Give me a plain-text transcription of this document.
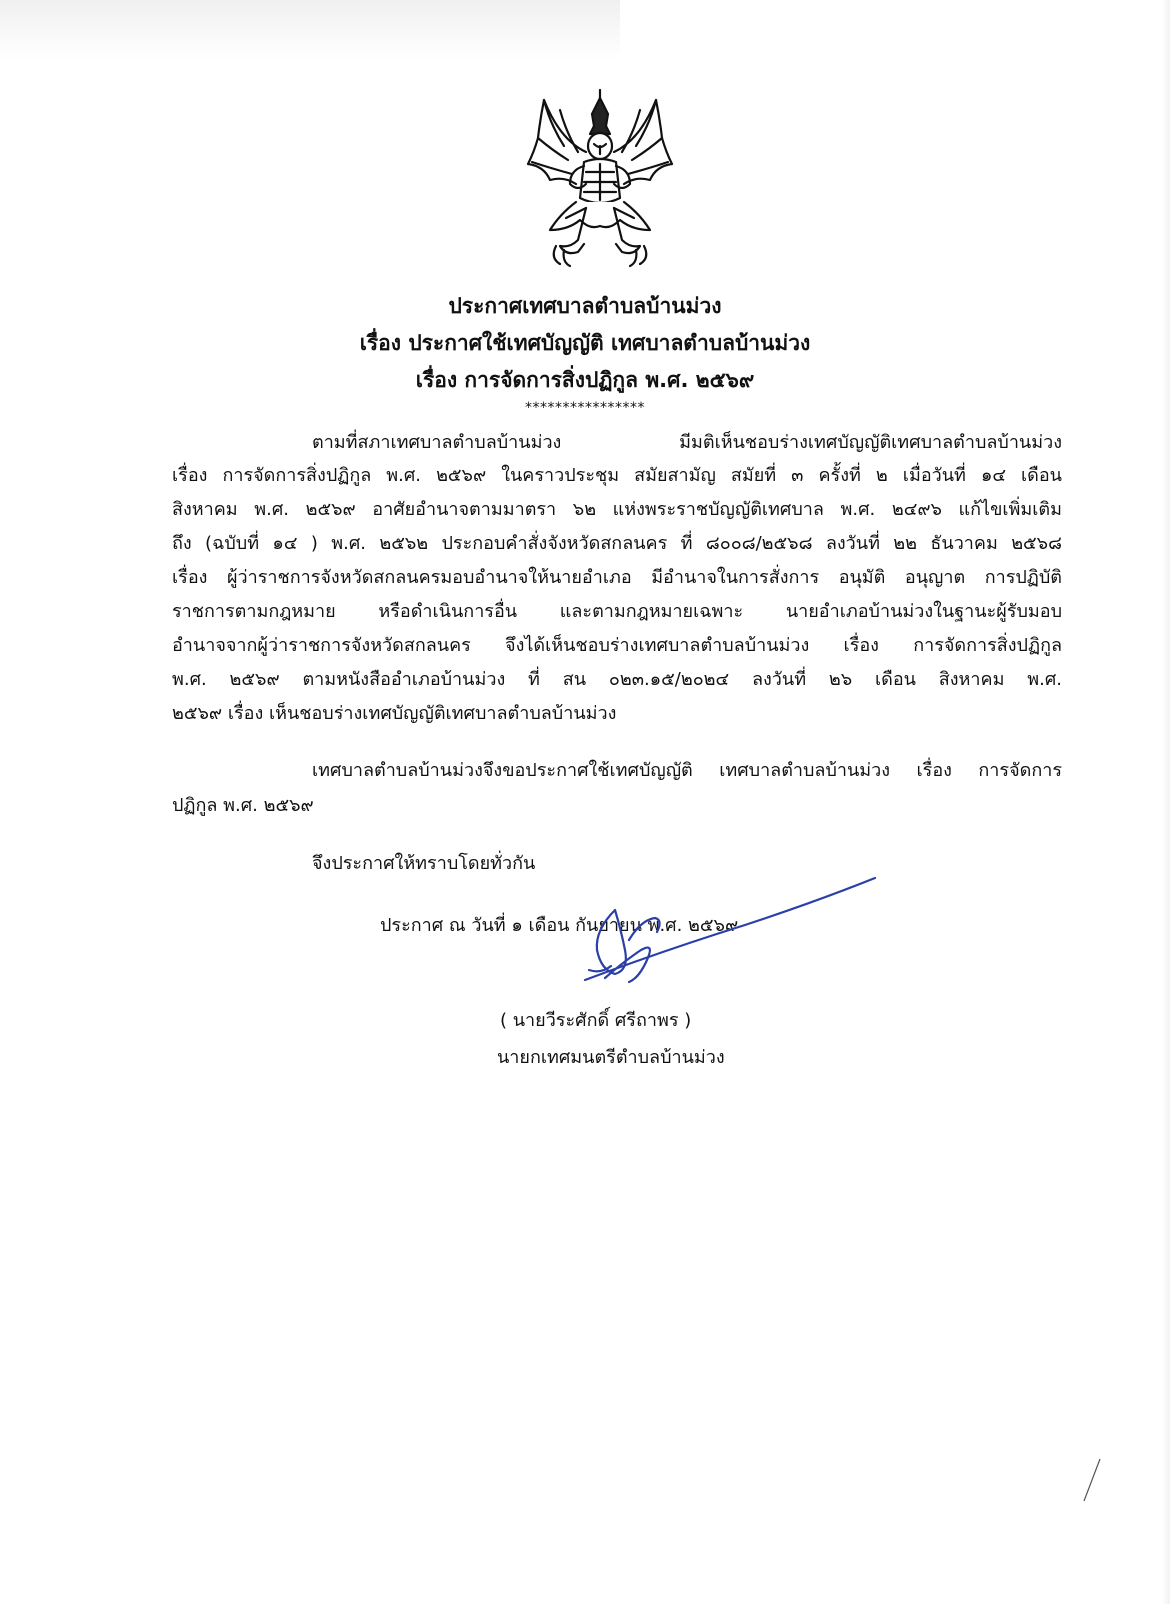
ประกาศเทศบาลตำบลบ้านม่วง
เรื่อง ประกาศใช้เทศบัญญัติ เทศบาลตำบลบ้านม่วง
เรื่อง การจัดการสิ่งปฏิกูล พ.ศ. ๒๕๖๙
****************

ตามที่สภาเทศบาลตำบลบ้านม่วง มีมติเห็นชอบร่างเทศบัญญัติเทศบาลตำบลบ้านม่วง

เรื่อง การจัดการสิ่งปฏิกูล พ.ศ. ๒๕๖๙ ในคราวประชุม สมัยสามัญ สมัยที่ ๓ ครั้งที่ ๒ เมื่อวันที่ ๑๔ เดือน

สิงหาคม พ.ศ. ๒๕๖๙ อาศัยอำนาจตามมาตรา ๖๒ แห่งพระราชบัญญัติเทศบาล พ.ศ. ๒๔๙๖ แก้ไขเพิ่มเติม

ถึง (ฉบับที่ ๑๔ ) พ.ศ. ๒๕๖๒ ประกอบคำสั่งจังหวัดสกลนคร ที่ ๘๐๐๘/๒๕๖๘ ลงวันที่ ๒๒ ธันวาคม ๒๕๖๘

เรื่อง ผู้ว่าราชการจังหวัดสกลนครมอบอำนาจให้นายอำเภอ มีอำนาจในการสั่งการ อนุมัติ อนุญาต การปฏิบัติ

ราชการตามกฎหมาย หรือดำเนินการอื่น และตามกฎหมายเฉพาะ นายอำเภอบ้านม่วงในฐานะผู้รับมอบ

อำนาจจากผู้ว่าราชการจังหวัดสกลนคร จึงได้เห็นชอบร่างเทศบาลตำบลบ้านม่วง เรื่อง การจัดการสิ่งปฏิกูล

พ.ศ. ๒๕๖๙ ตามหนังสืออำเภอบ้านม่วง ที่ สน ๐๒๓.๑๕/๒๐๒๔ ลงวันที่ ๒๖ เดือน สิงหาคม พ.ศ.

๒๕๖๙ เรื่อง เห็นชอบร่างเทศบัญญัติเทศบาลตำบลบ้านม่วง

เทศบาลตำบลบ้านม่วงจึงขอประกาศใช้เทศบัญญัติ เทศบาลตำบลบ้านม่วง เรื่อง การจัดการ

ปฏิกูล พ.ศ. ๒๕๖๙

จึงประกาศให้ทราบโดยทั่วกัน

ประกาศ ณ วันที่ ๑ เดือน กันยายน พ.ศ. ๒๕๖๙

( นายวีระศักดิ์ ศรีถาพร )

นายกเทศมนตรีตำบลบ้านม่วง
